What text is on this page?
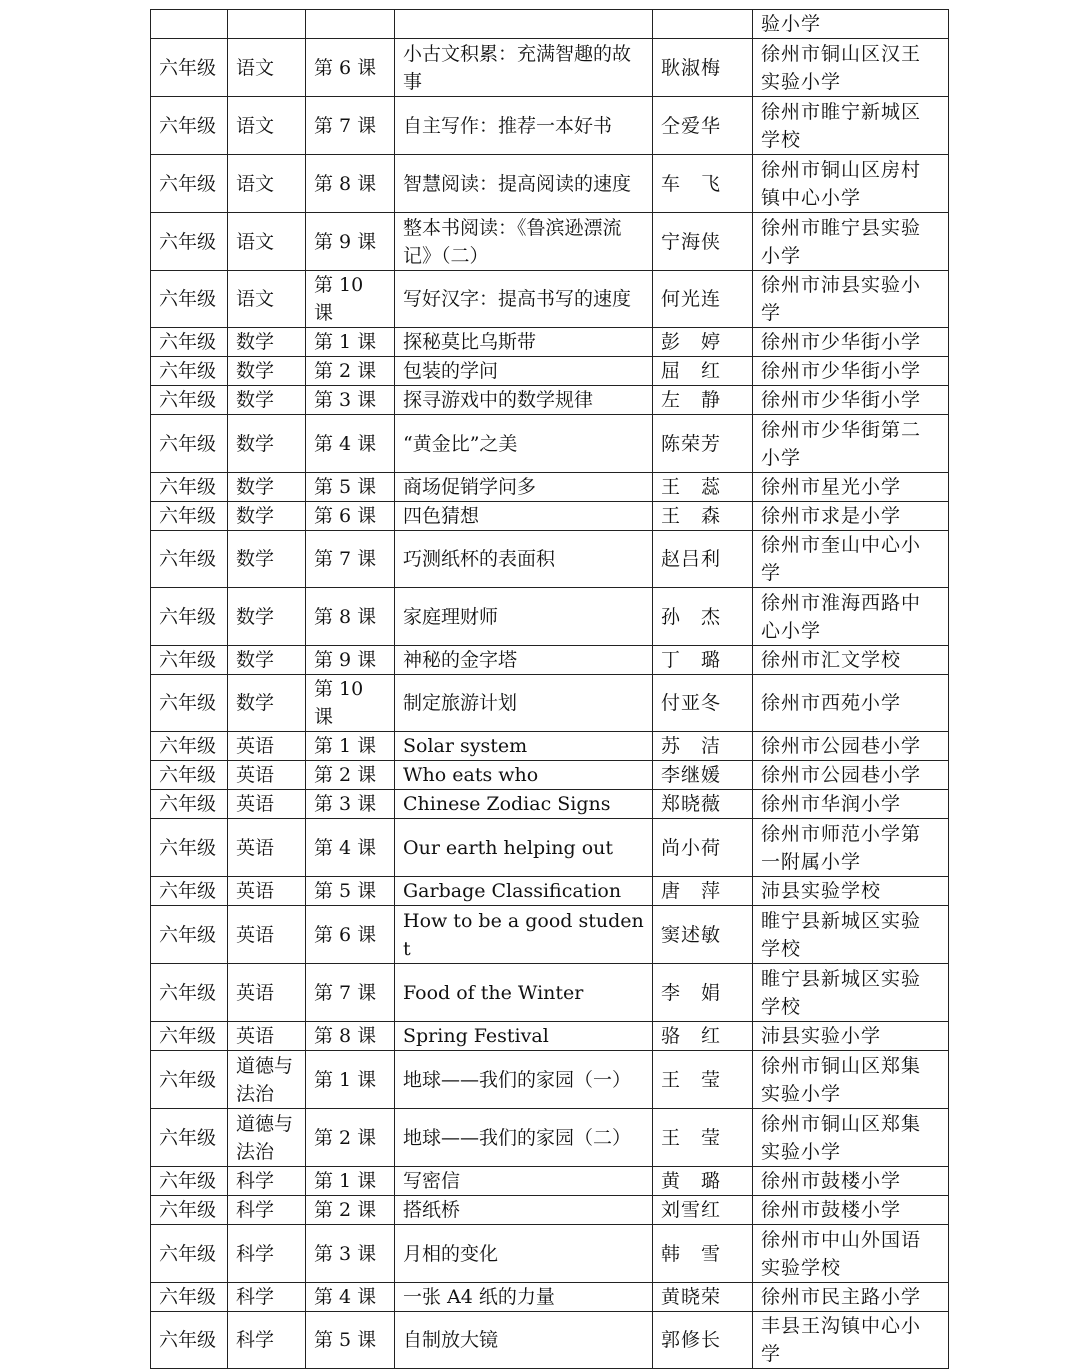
					验小学
六年级	语文	第 6 课	小古文积累：充满智趣的故事	耿淑梅	徐州市铜山区汉王实验小学
六年级	语文	第 7 课	自主写作：推荐一本好书	仝爱华	徐州市睢宁新城区学校
六年级	语文	第 8 课	智慧阅读：提高阅读的速度	车　飞	徐州市铜山区房村镇中心小学
六年级	语文	第 9 课	整本书阅读：《鲁滨逊漂流记》（二）	宁海侠	徐州市睢宁县实验小学
六年级	语文	第 10 课	写好汉字：提高书写的速度	何光连	徐州市沛县实验小学
六年级	数学	第 1 课	探秘莫比乌斯带	彭　婷	徐州市少华街小学
六年级	数学	第 2 课	包装的学问	屈　红	徐州市少华街小学
六年级	数学	第 3 课	探寻游戏中的数学规律	左　静	徐州市少华街小学
六年级	数学	第 4 课	“黄金比”之美	陈荣芳	徐州市少华街第二小学
六年级	数学	第 5 课	商场促销学问多	王　蕊	徐州市星光小学
六年级	数学	第 6 课	四色猜想	王　森	徐州市求是小学
六年级	数学	第 7 课	巧测纸杯的表面积	赵吕利	徐州市奎山中心小学
六年级	数学	第 8 课	家庭理财师	孙　杰	徐州市淮海西路中心小学
六年级	数学	第 9 课	神秘的金字塔	丁　璐	徐州市汇文学校
六年级	数学	第 10 课	制定旅游计划	付亚冬	徐州市西苑小学
六年级	英语	第 1 课	Solar system	苏　洁	徐州市公园巷小学
六年级	英语	第 2 课	Who eats who	李继媛	徐州市公园巷小学
六年级	英语	第 3 课	Chinese Zodiac Signs	郑晓薇	徐州市华润小学
六年级	英语	第 4 课	Our earth helping out	尚小荷	徐州市师范小学第一附属小学
六年级	英语	第 5 课	Garbage Classification	唐　萍	沛县实验学校
六年级	英语	第 6 课	How to be a good student	窦述敏	睢宁县新城区实验学校
六年级	英语	第 7 课	Food of the Winter	李　娟	睢宁县新城区实验学校
六年级	英语	第 8 课	Spring Festival	骆　红	沛县实验小学
六年级	道德与法治	第 1 课	地球——我们的家园（一）	王　莹	徐州市铜山区郑集实验小学
六年级	道德与法治	第 2 课	地球——我们的家园（二）	王　莹	徐州市铜山区郑集实验小学
六年级	科学	第 1 课	写密信	黄　璐	徐州市鼓楼小学
六年级	科学	第 2 课	搭纸桥	刘雪红	徐州市鼓楼小学
六年级	科学	第 3 课	月相的变化	韩　雪	徐州市中山外国语实验学校
六年级	科学	第 4 课	一张 A4 纸的力量	黄晓荣	徐州市民主路小学
六年级	科学	第 5 课	自制放大镜	郭修长	丰县王沟镇中心小学
